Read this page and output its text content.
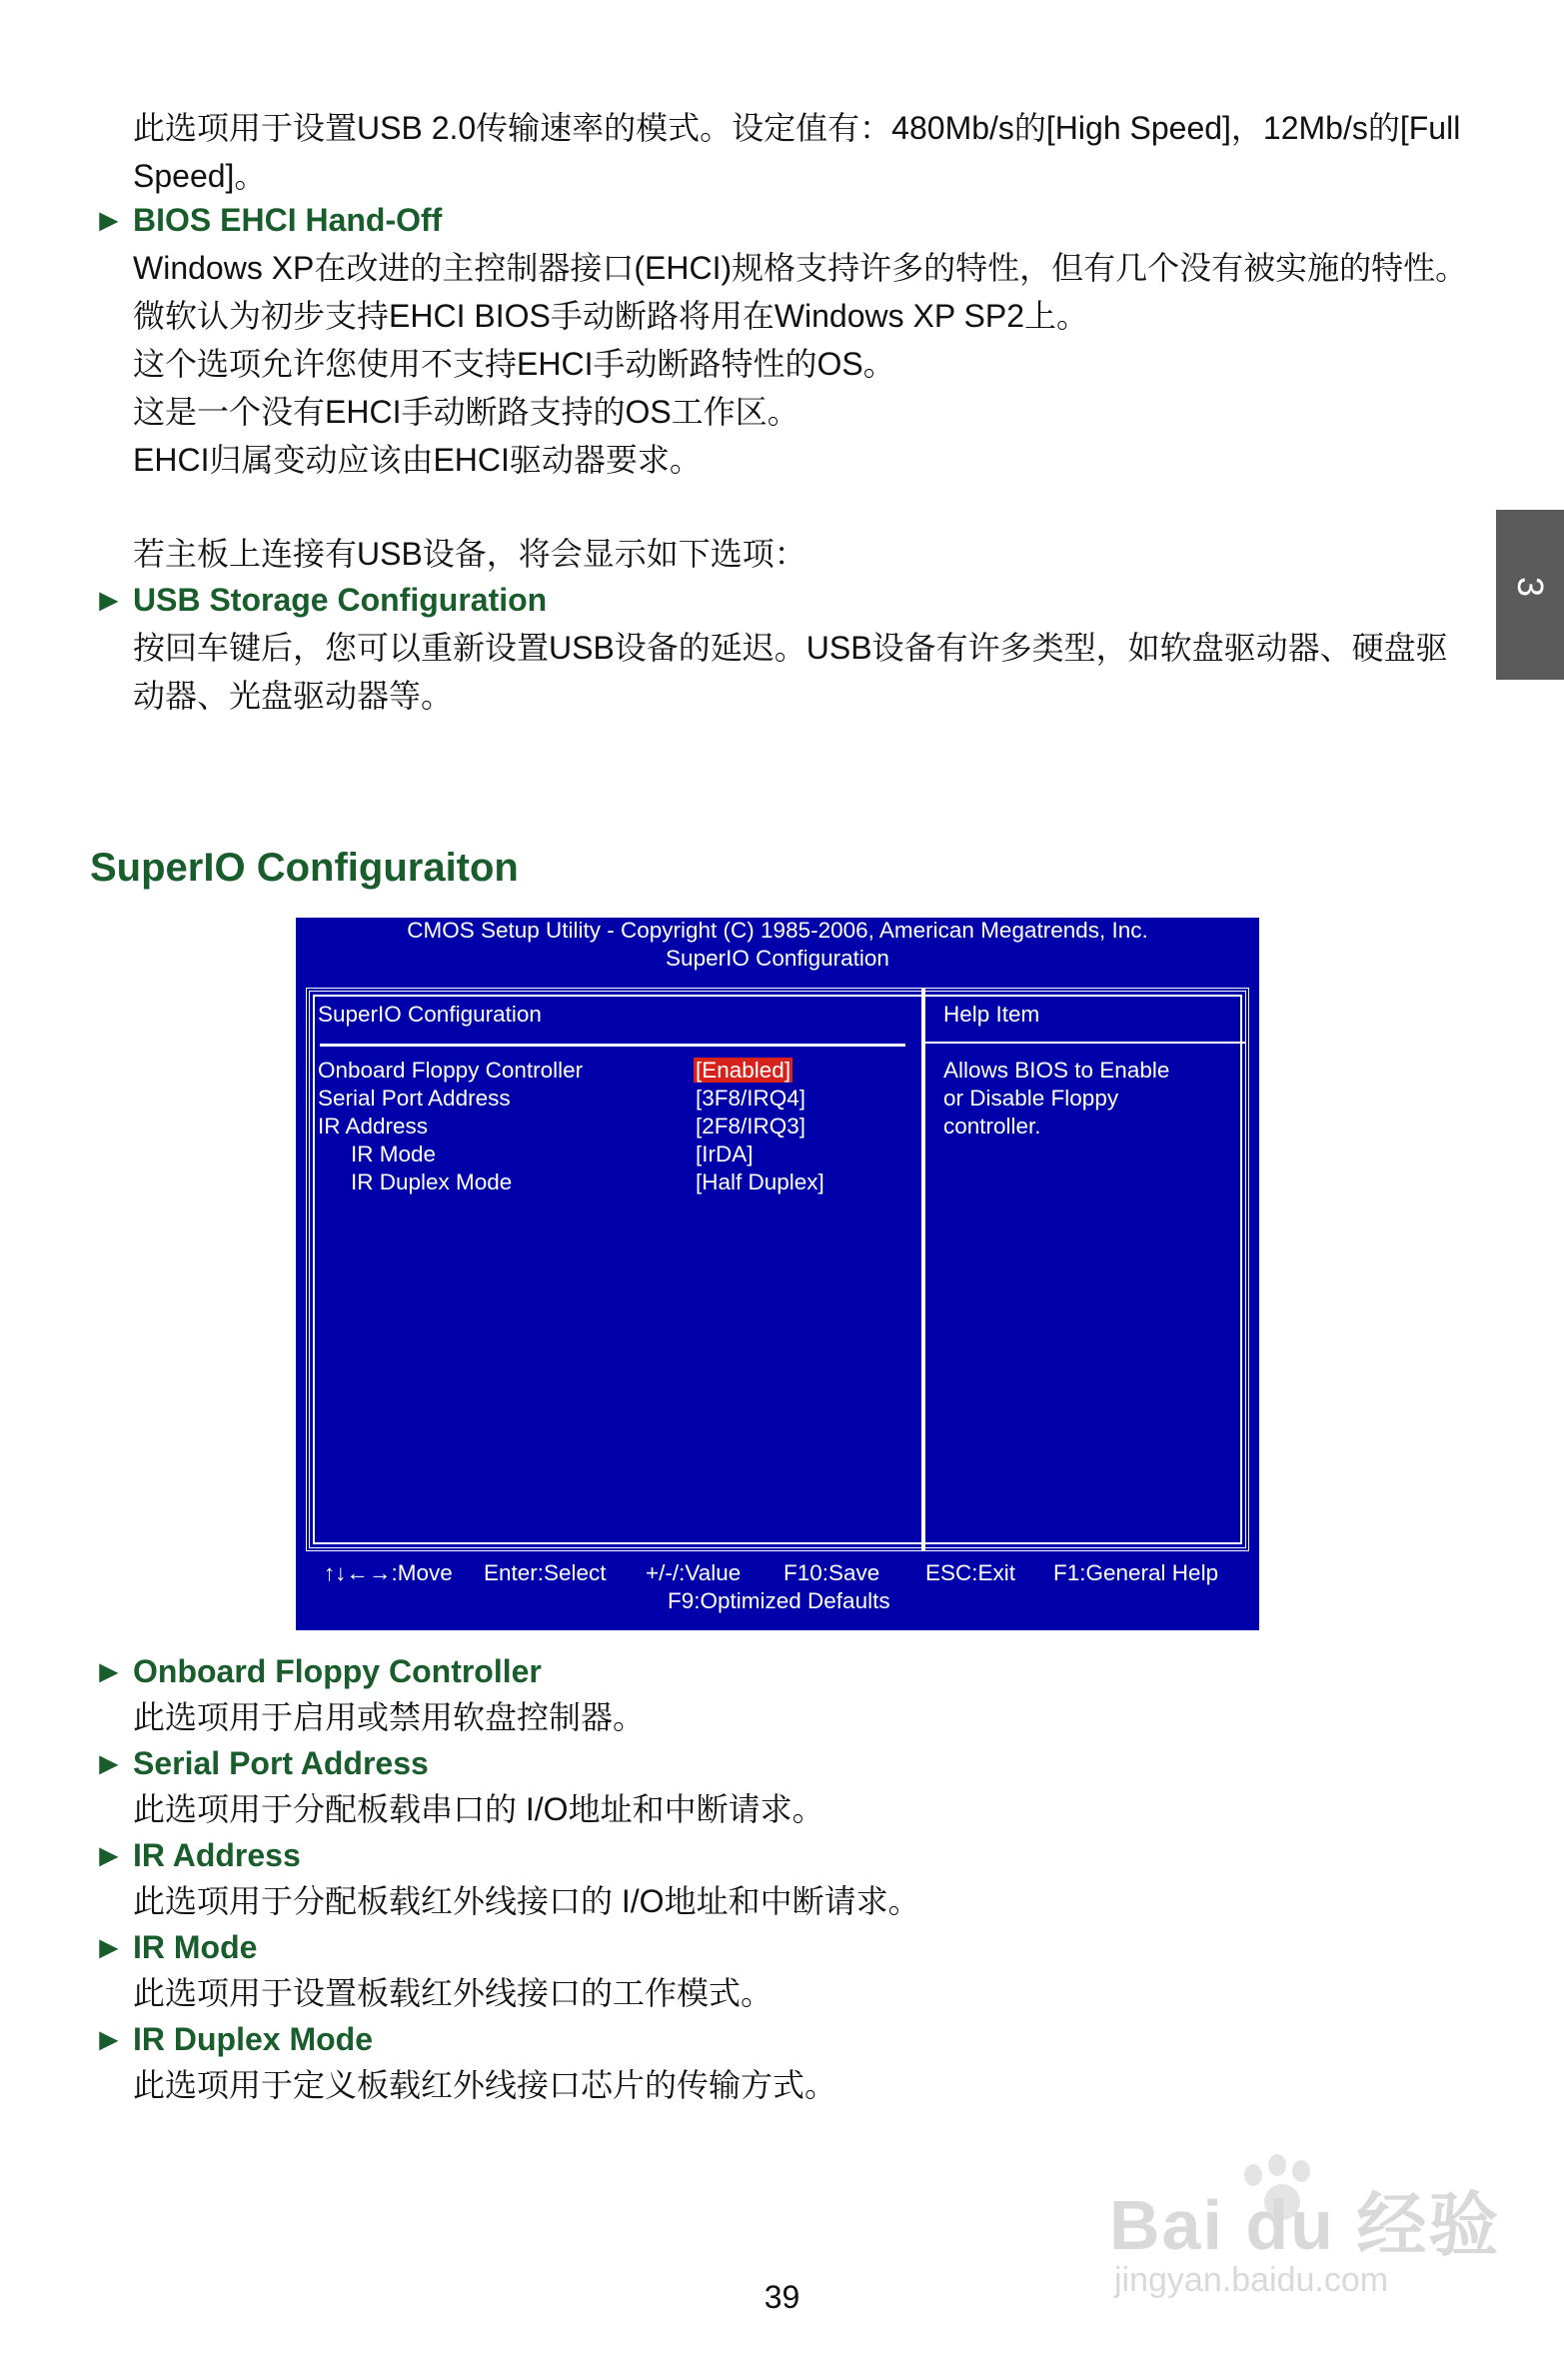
此选项用于设置USB 2.0传输速率的模式。设定值有：480Mb/s的[High Speed]，12Mb/s的[Full
Speed]。
► BIOS EHCI Hand-Off
Windows XP在改进的主控制器接口(EHCI)规格支持许多的特性，但有几个没有被实施的特性。
微软认为初步支持EHCI BIOS手动断路将用在Windows XP SP2上。
这个选项允许您使用不支持EHCI手动断路特性的OS。
这是一个没有EHCI手动断路支持的OS工作区。
EHCI归属变动应该由EHCI驱动器要求。
若主板上连接有USB设备，将会显示如下选项：
► USB Storage Configuration
按回车键后，您可以重新设置USB设备的延迟。USB设备有许多类型，如软盘驱动器、硬盘驱
动器、光盘驱动器等。
3
SuperIO Configuraiton
CMOS Setup Utility - Copyright (C) 1985-2006, American Megatrends, Inc.
SuperIO Configuration
SuperIO Configuration	Help Item
Onboard Floppy Controller	[Enabled]
Serial Port Address	[3F8/IRQ4]
IR Address	[2F8/IRQ3]
IR Mode	[IrDA]
IR Duplex Mode	[Half Duplex]
Allows BIOS to Enable
or Disable Floppy
controller.
↑↓←→:Move Enter:Select +/-/:Value F10:Save ESC:Exit F1:General Help
F9:Optimized Defaults
► Onboard Floppy Controller
此选项用于启用或禁用软盘控制器。
► Serial Port Address
此选项用于分配板载串口的 I/O地址和中断请求。
► IR Address
此选项用于分配板载红外线接口的 I/O地址和中断请求。
► IR Mode
此选项用于设置板载红外线接口的工作模式。
► IR Duplex Mode
此选项用于定义板载红外线接口芯片的传输方式。
Bai du 经验
jingyan.baidu.com
39
